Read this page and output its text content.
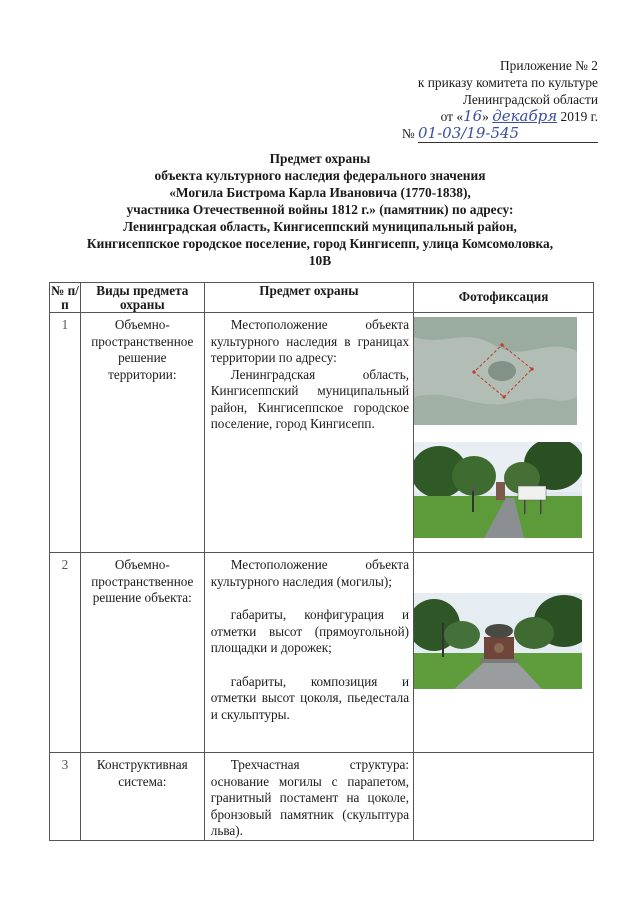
Приложение № 2
к приказу комитета по культуре
Ленинградской области
от «16» декабря 2019 г.
№ 01-03/19-545
Предмет охраны
объекта культурного наследия федерального значения
«Могила Бистрома Карла Ивановича (1770-1838),
участника Отечественной войны 1812 г.» (памятник) по адресу:
Ленинградская область, Кингисеппский муниципальный район,
Кингисеппское городское поселение, город Кингисепп, улица Комсомоловка,
10В
№ п/п	Виды предмета охраны	Предмет охраны	Фотофиксация
1	Объемно-пространственное решение территории:	Местоположение объекта культурного наследия в границах территории по адресу:

Ленинградская область, Кингисеппский муниципальный район, Кингисеппское городское поселение, город Кингисепп.

2	Объемно-пространственное решение объекта:	Местоположение объекта культурного наследия (могилы);

габариты, конфигурация и отметки высот (прямоугольной) площадки и дорожек;

габариты, композиция и отметки высот цоколя, пьедестала и скульптуры.

3	Конструктивная система:	Трехчастная структура: основание могилы с парапетом, гранитный постамент на цоколе, бронзовый памятник (скульптура льва).	
